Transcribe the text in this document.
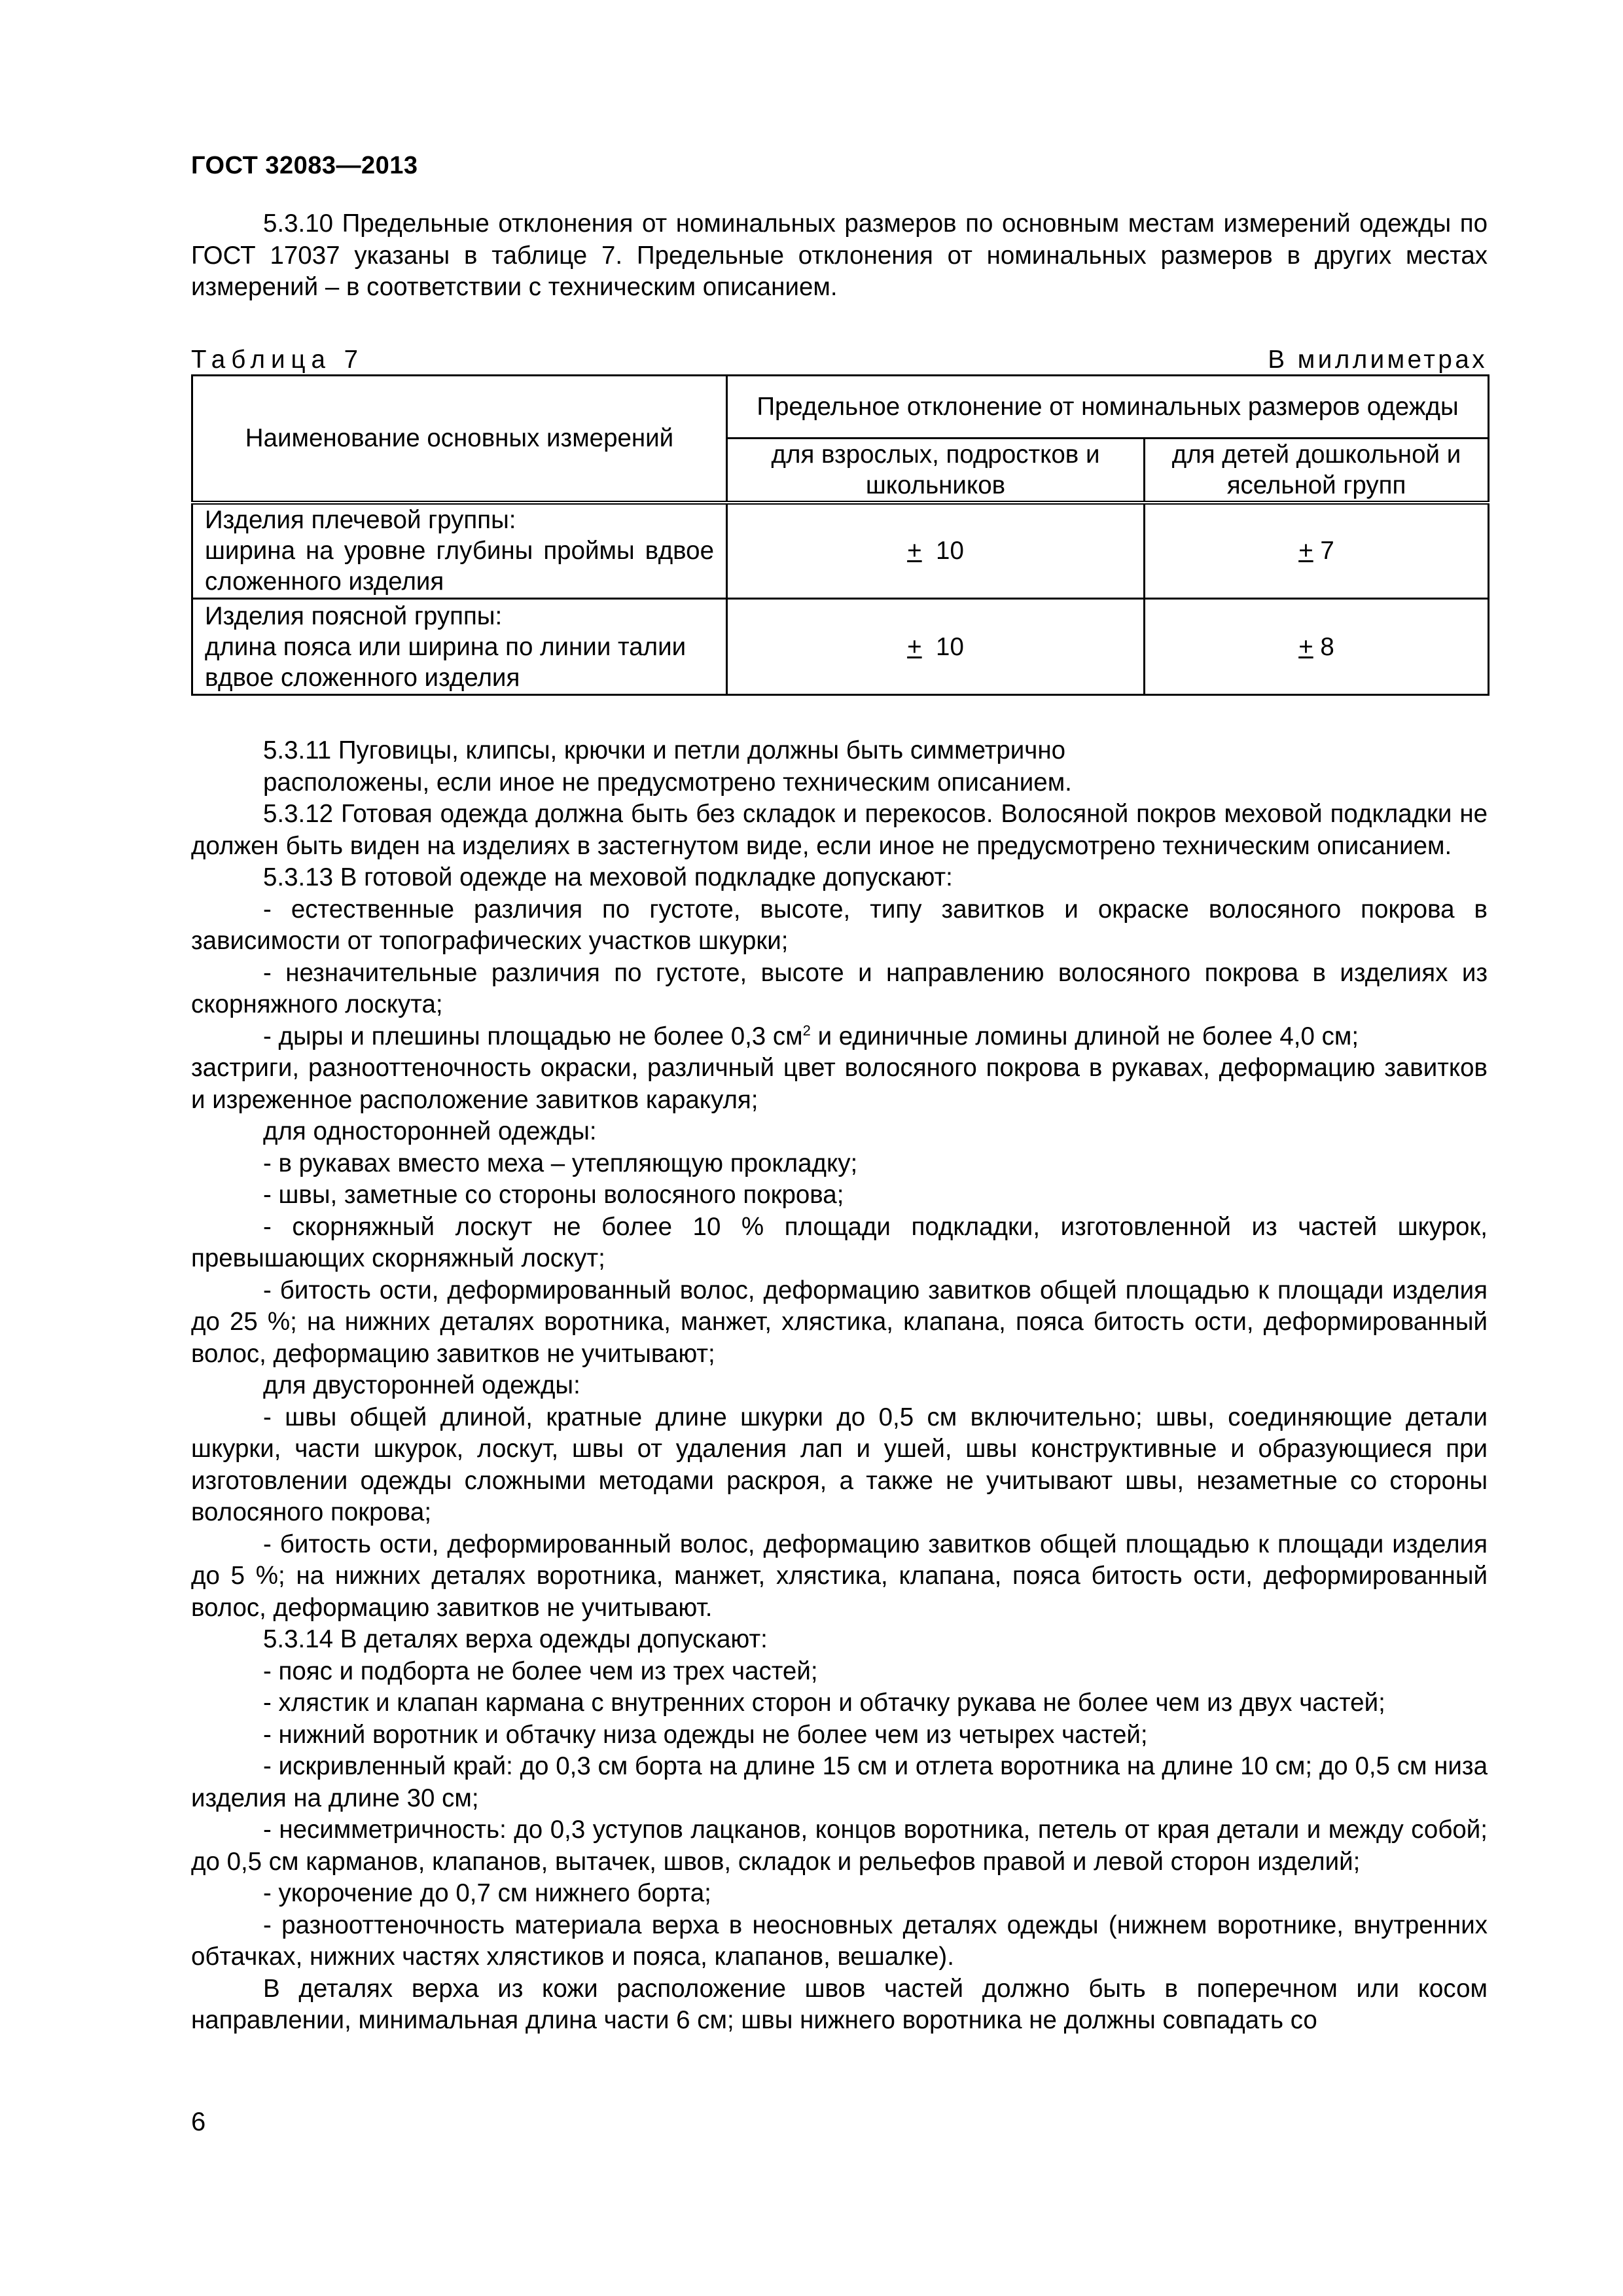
ГОСТ 32083—2013

5.3.10 Предельные отклонения от номинальных размеров по основным местам измерений одежды по ГОСТ 17037 указаны в таблице 7. Предельные отклонения от номинальных размеров в других местах измерений – в соответствии с техническим описанием.

Таблица 7	В миллиметрах
Наименование основных измерений	Предельное отклонение от номинальных размеров одежды	
	для взрослых, подростков и школьников	для детей дошкольной и ясельной групп

Изделия плечевой группы:
ширина на уровне глубины проймы вдвое сложенного изделия	+ 10	+ 7

Изделия поясной группы:
длина пояса или ширина по линии талии вдвое сложенного изделия	+ 10	+ 8

5.3.11 Пуговицы, клипсы, крючки и петли должны быть симметрично

расположены, если иное не предусмотрено техническим описанием.

5.3.12 Готовая одежда должна быть без складок и перекосов. Волосяной покров меховой подкладки не должен быть виден на изделиях в застегнутом виде, если иное не предусмотрено техническим описанием.

5.3.13 В готовой одежде на меховой подкладке допускают:

- естественные различия по густоте, высоте, типу завитков и окраске волосяного покрова в зависимости от топографических участков шкурки;

- незначительные различия по густоте, высоте и направлению волосяного покрова в изделиях из скорняжного лоскута;

- дыры и плешины площадью не более 0,3 $см^2$ и единичные ломины длиной не более 4,0 см;

застриги, разнооттеночность окраски, различный цвет волосяного покрова в рукавах, деформацию завитков и изреженное расположение завитков каракуля;

для односторонней одежды:

- в рукавах вместо меха – утепляющую прокладку;

- швы, заметные со стороны волосяного покрова;

- скорняжный лоскут не более 10 % площади подкладки, изготовленной из частей шкурок, превышающих скорняжный лоскут;

- битость ости, деформированный волос, деформацию завитков общей площадью к площади изделия до 25 %; на нижних деталях воротника, манжет, хлястика, клапана, пояса битость ости, деформированный волос, деформацию завитков не учитывают;

для двусторонней одежды:

- швы общей длиной, кратные длине шкурки до 0,5 см включительно; швы, соединяющие детали шкурки, части шкурок, лоскут, швы от удаления лап и ушей, швы конструктивные и образующиеся при изготовлении одежды сложными методами раскроя, а также не учитывают швы, незаметные со стороны волосяного покрова;

- битость ости, деформированный волос, деформацию завитков общей площадью к площади изделия до 5 %; на нижних деталях воротника, манжет, хлястика, клапана, пояса битость ости, деформированный волос, деформацию завитков не учитывают.

5.3.14 В деталях верха одежды допускают:

- пояс и подборта не более чем из трех частей;

- хлястик и клапан кармана с внутренних сторон и обтачку рукава не более чем из двух частей;

- нижний воротник и обтачку низа одежды не более чем из четырех частей;

- искривленный край: до 0,3 см борта на длине 15 см и отлета воротника на длине 10 см; до 0,5 см низа изделия на длине 30 см;

- несимметричность: до 0,3 уступов лацканов, концов воротника, петель от края детали и между собой; до 0,5 см карманов, клапанов, вытачек, швов, складок и рельефов правой и левой сторон изделий;

- укорочение до 0,7 см нижнего борта;

- разнооттеночность материала верха в неосновных деталях одежды (нижнем воротнике, внутренних обтачках, нижних частях хлястиков и пояса, клапанов, вешалке).

В деталях верха из кожи расположение швов частей должно быть в поперечном или косом направлении, минимальная длина части 6 см; швы нижнего воротника не должны совпадать со

6
